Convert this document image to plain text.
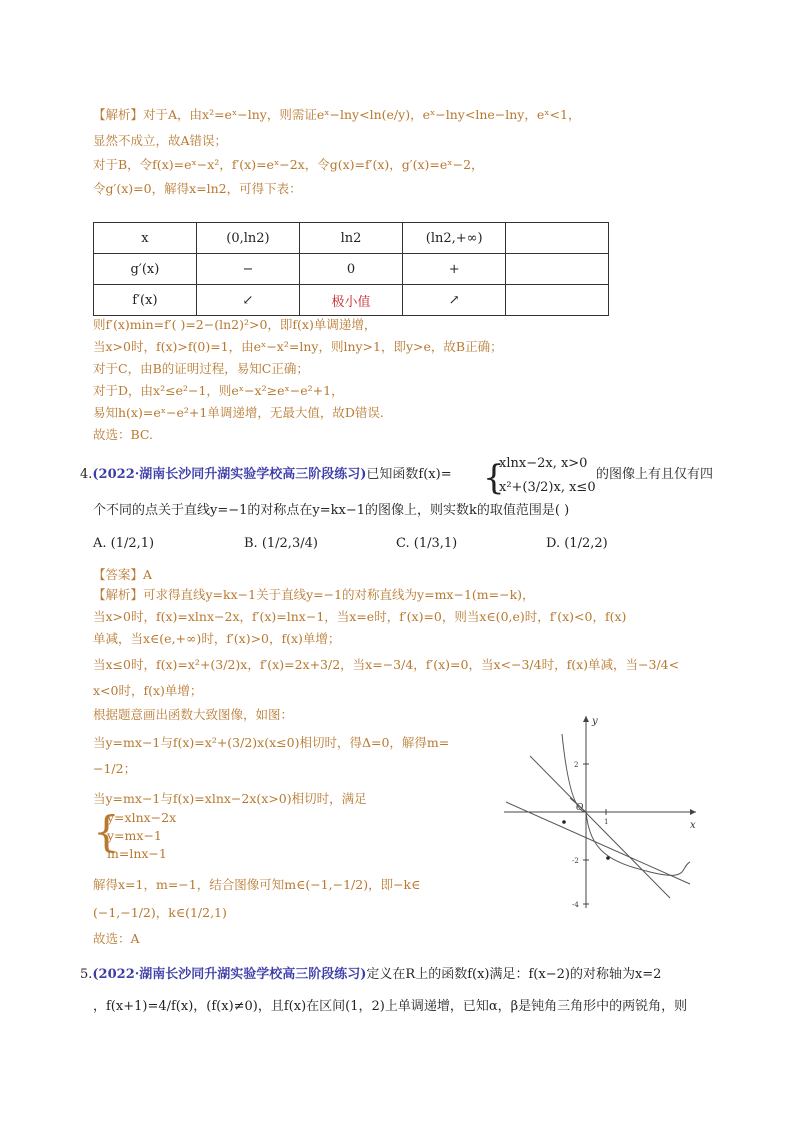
【解析】对于A，由x²=eˣ−lny，则需证eˣ−lny<ln(e/y)，eˣ−lny<lne−lny，eˣ<1，
显然不成立，故A错误；
对于B，令f(x)=eˣ−x²，f′(x)=eˣ−2x，令g(x)=f′(x)，g′(x)=eˣ−2，
令g′(x)=0，解得x=ln2，可得下表：
x	(0,ln2)	ln2	(ln2,+∞)	
g′(x)	−	0	+	
f′(x)	↙	极小值	↗	
则f′(x)min=f′( )=2−(ln2)²>0，即f(x)单调递增，
当x>0时，f(x)>f(0)=1，由eˣ−x²=lny，则lny>1，即y>e，故B正确；
对于C，由B的证明过程，易知C正确；
对于D，由x²≤e²−1，则eˣ−x²≥eˣ−e²+1，
易知h(x)=eˣ−e²+1单调递增，无最大值，故D错误.
故选：BC.
4.(2022·湖南长沙同升湖实验学校高三阶段练习)已知函数f(x)= {
xlnx−2x, x>0
x²+(3/2)x, x≤0
的图像上有且仅有四
个不同的点关于直线y=−1的对称点在y=kx−1的图像上，则实数k的取值范围是( )
A. (1/2,1)	B. (1/2,3/4)	C. (1/3,1)	D. (1/2,2)
【答案】A
【解析】可求得直线y=kx−1关于直线y=−1的对称直线为y=mx−1(m=−k)，
当x>0时，f(x)=xlnx−2x，f′(x)=lnx−1，当x=e时，f′(x)=0，则当x∈(0,e)时，f′(x)<0，f(x)
单减，当x∈(e,+∞)时，f′(x)>0，f(x)单增；
当x≤0时，f(x)=x²+(3/2)x，f′(x)=2x+3/2，当x=−3/4，f′(x)=0，当x<−3/4时，f(x)单减，当−3/4<
x<0时，f(x)单增；
根据题意画出函数大致图像，如图：
当y=mx−1与f(x)=x²+(3/2)x(x≤0)相切时，得Δ=0，解得m=
−1/2；
当y=mx−1与f(x)=xlnx−2x(x>0)相切时，满足
{
y=xlnx−2x
y=mx−1
m=lnx−1
解得x=1，m=−1，结合图像可知m∈(−1,−1/2)，即−k∈
(−1,−1/2)，k∈(1/2,1)
故选：A
y
x
O
1
2
-2
-4
5.(2022·湖南长沙同升湖实验学校高三阶段练习)定义在R上的函数f(x)满足：f(x−2)的对称轴为x=2
，f(x+1)=4/f(x)，(f(x)≠0)，且f(x)在区间(1，2)上单调递增，已知α，β是钝角三角形中的两锐角，则
